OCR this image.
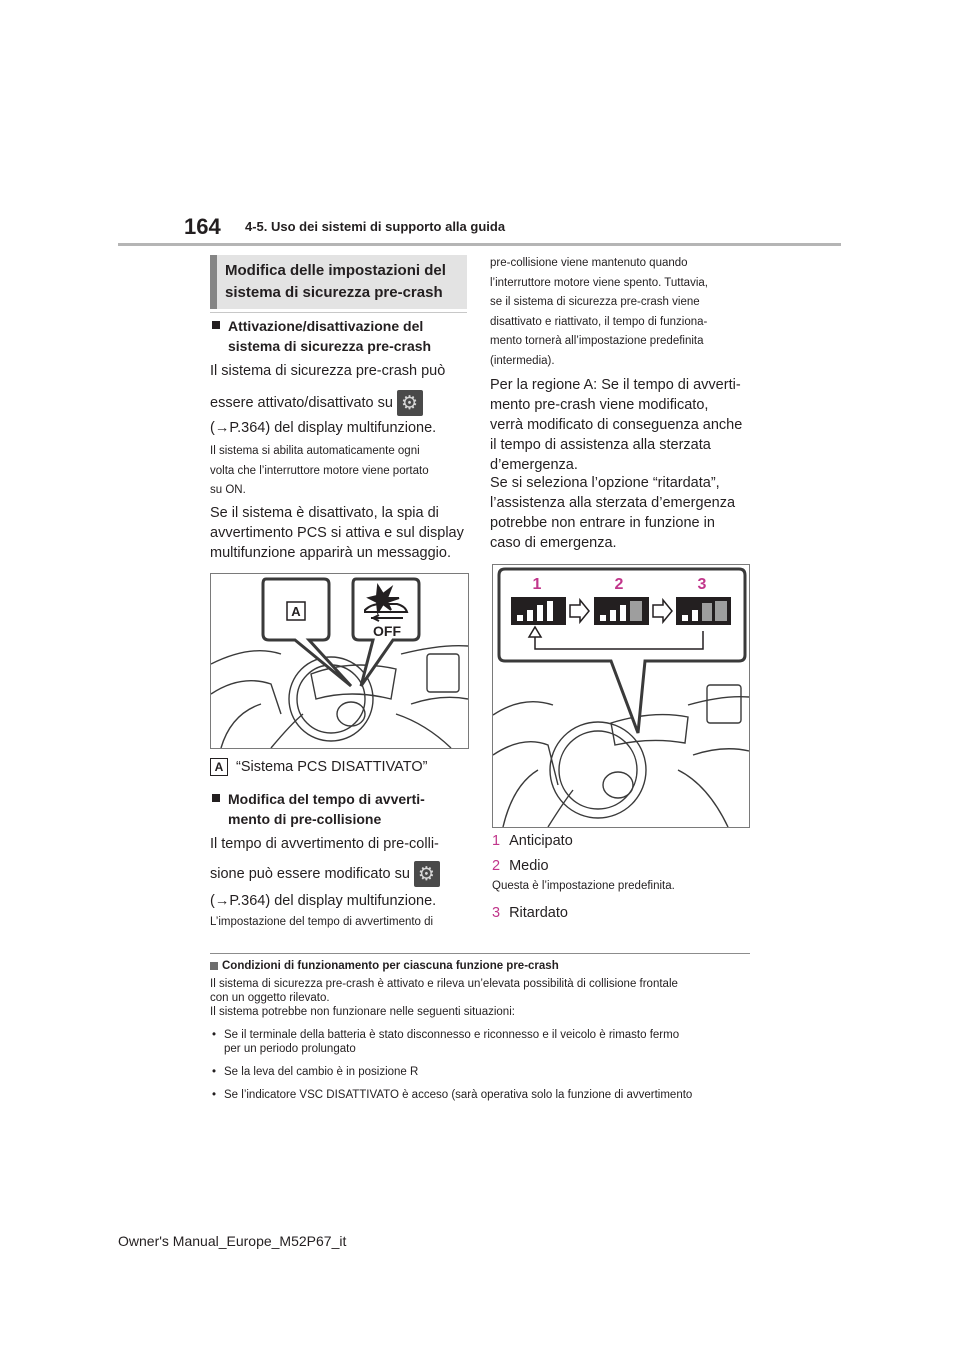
164 4-5. Uso dei sistemi di supporto alla guida
Modifica delle impostazioni del
sistema di sicurezza pre-crash
Attivazione/disattivazione del
sistema di sicurezza pre-crash
Il sistema di sicurezza pre-crash può
essere attivato/disattivato su
⚙
(→P.364) del display multifunzione.
Il sistema si abilita automaticamente ogni
volta che l’interruttore motore viene portato
su ON.
Se il sistema è disattivato, la spia di
avvertimento PCS si attiva e sul display
multifunzione apparirà un messaggio.
A
OFF
A “Sistema PCS DISATTIVATO”
Modifica del tempo di avverti-
mento di pre-collisione
Il tempo di avvertimento di pre-colli-
sione può essere modificato su
⚙
(→P.364) del display multifunzione.
L’impostazione del tempo di avvertimento di
pre-collisione viene mantenuto quando
l’interruttore motore viene spento. Tuttavia,
se il sistema di sicurezza pre-crash viene
disattivato e riattivato, il tempo di funziona-
mento tornerà all’impostazione predefinita
(intermedia).
Per la regione A: Se il tempo di avverti-
mento pre-crash viene modificato,
verrà modificato di conseguenza anche
il tempo di assistenza alla sterzata
d’emergenza.
Se si seleziona l’opzione “ritardata”,
l’assistenza alla sterzata d’emergenza
potrebbe non entrare in funzione in
caso di emergenza.
1	2	3
1 Anticipato
2 Medio
Questa è l’impostazione predefinita.
3 Ritardato
Condizioni di funzionamento per ciascuna funzione pre-crash
Il sistema di sicurezza pre-crash è attivato e rileva un’elevata possibilità di collisione frontale
con un oggetto rilevato.
Il sistema potrebbe non funzionare nelle seguenti situazioni:
• Se il terminale della batteria è stato disconnesso e riconnesso e il veicolo è rimasto fermo
per un periodo prolungato
• Se la leva del cambio è in posizione R
• Se l’indicatore VSC DISATTIVATO è acceso (sarà operativa solo la funzione di avvertimento
Owner's Manual_Europe_M52P67_it
